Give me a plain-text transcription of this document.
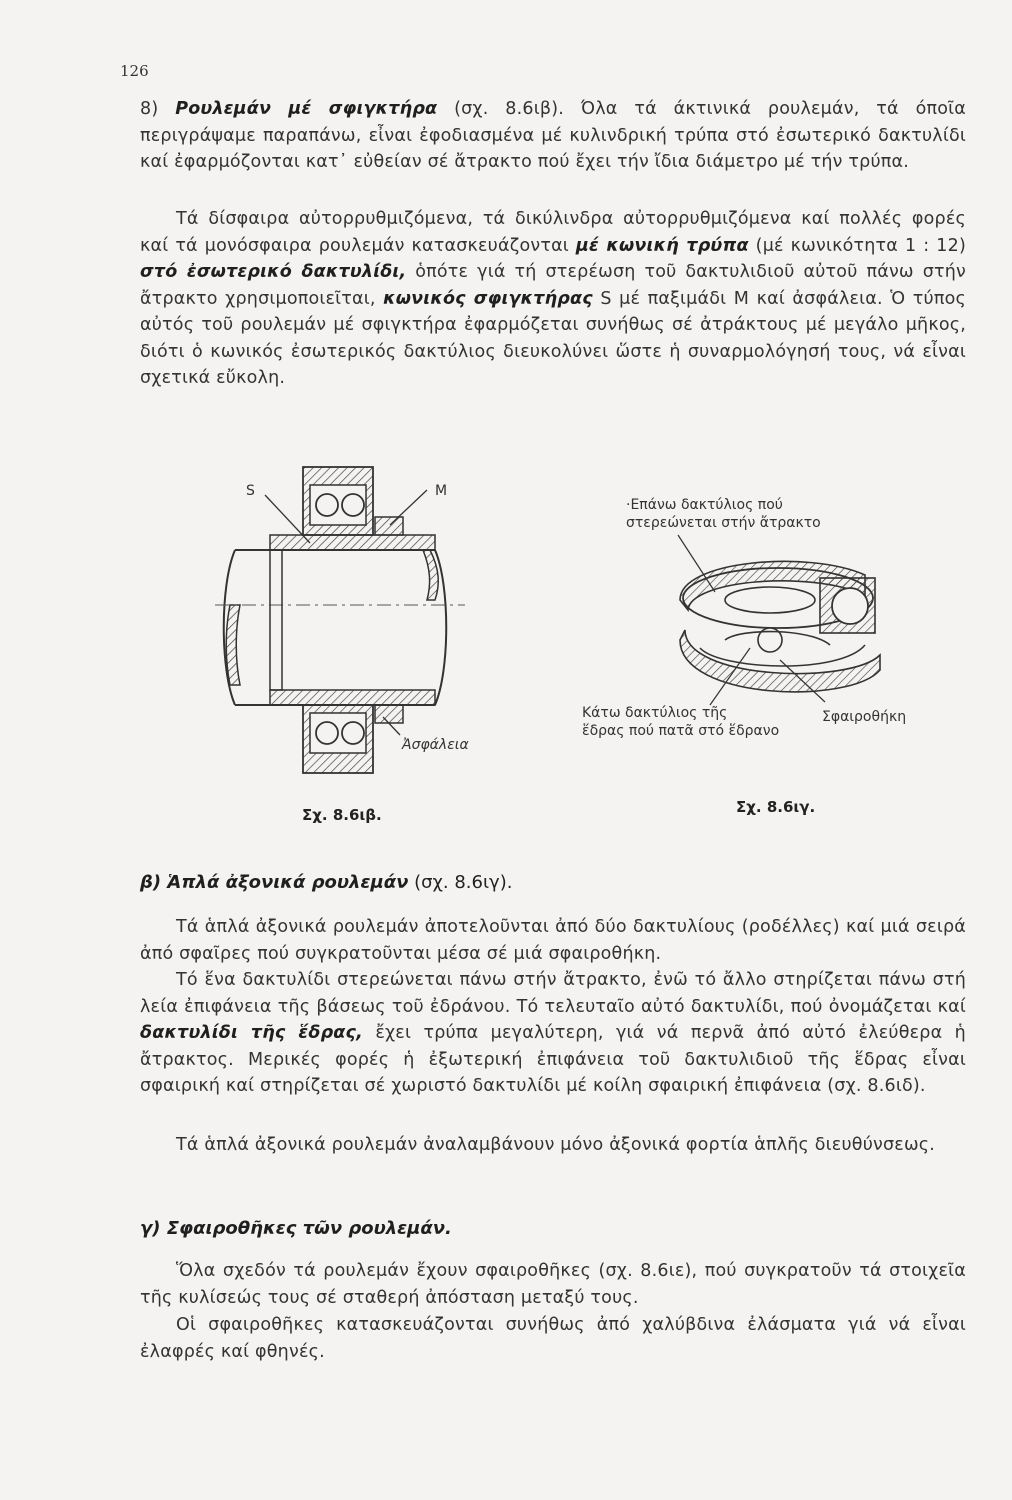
126
8) Ρουλεμάν μέ σφιγκτήρα (σχ. 8.6ιβ). Όλα τά άκτινικά ρουλεμάν, τά όποῖα περιγράψαμε παραπάνω, εἶναι ἐφοδιασμένα μέ κυλινδρική τρύπα στό ἐσωτερικό δακτυλίδι καί ἐφαρμόζονται κατ᾽ εὐθείαν σέ ἄτρακτο πού ἔχει τήν ἴδια διάμετρο μέ τήν τρύπα.
Τά δίσφαιρα αὐτορρυθμιζόμενα, τά δικύλινδρα αὐτορρυθμιζόμενα καί πολλές φορές καί τά μονόσφαιρα ρουλεμάν κατασκευάζονται μέ κωνική τρύπα (μέ κωνικότητα 1 : 12) στό ἐσωτερικό δακτυλίδι, ὁπότε γιά τή στερέωση τοῦ δακτυλιδιοῦ αὐτοῦ πάνω στήν ἄτρακτο χρησιμοποιεῖται, κωνικός σφιγκτήρας S μέ παξιμάδι Μ καί ἀσφάλεια. Ὁ τύπος αὐτός τοῦ ρουλεμάν μέ σφιγκτήρα ἐφαρμόζεται συνήθως σέ ἀτράκτους μέ μεγάλο μῆκος, διότι ὁ κωνικός ἐσωτερικός δακτύλιος διευκολύνει ὥστε ἡ συναρμολόγησή τους, νά εἶναι σχετικά εὔκολη.
S	M
Ἀσφάλεια
Σχ. 8.6ιβ.
·Επάνω δακτύλιος πού
στερεώνεται στήν ἄτρακτο
Κάτω δακτύλιος τῆς
ἕδρας πού πατᾶ στό ἕδρανο
Σφαιροθήκη
Σχ. 8.6ιγ.
β) Ἁπλά ἀξονικά ρουλεμάν (σχ. 8.6ιγ).
Τά ἁπλά ἀξονικά ρουλεμάν ἀποτελοῦνται ἀπό δύο δακτυλίους (ροδέλλες) καί μιά σειρά ἀπό σφαῖρες πού συγκρατοῦνται μέσα σέ μιά σφαιροθήκη.
Τό ἕνα δακτυλίδι στερεώνεται πάνω στήν ἄτρακτο, ἐνῶ τό ἄλλο στηρίζεται πάνω στή λεία ἐπιφάνεια τῆς βάσεως τοῦ ἐδράνου. Τό τελευταῖο αὐτό δακτυλίδι, πού ὀνομάζεται καί δακτυλίδι τῆς ἕδρας, ἔχει τρύπα μεγαλύτερη, γιά νά περνᾶ ἀπό αὐτό ἐλεύθερα ἡ ἄτρακτος. Μερικές φορές ἡ ἐξωτερική ἐπιφάνεια τοῦ δακτυλιδιοῦ τῆς ἕδρας εἶναι σφαιρική καί στηρίζεται σέ χωριστό δακτυλίδι μέ κοίλη σφαιρική ἐπιφάνεια (σχ. 8.6ιδ).
Τά ἁπλά ἀξονικά ρουλεμάν ἀναλαμβάνουν μόνο ἀξονικά φορτία ἁπλῆς διευθύνσεως.
γ) Σφαιροθῆκες τῶν ρουλεμάν.
Ὅλα σχεδόν τά ρουλεμάν ἔχουν σφαιροθῆκες (σχ. 8.6ιε), πού συγκρατοῦν τά στοιχεῖα τῆς κυλίσεώς τους σέ σταθερή ἀπόσταση μεταξύ τους.
Οἱ σφαιροθῆκες κατασκευάζονται συνήθως ἀπό χαλύβδινα ἐλάσματα γιά νά εἶναι ἐλαφρές καί φθηνές.
